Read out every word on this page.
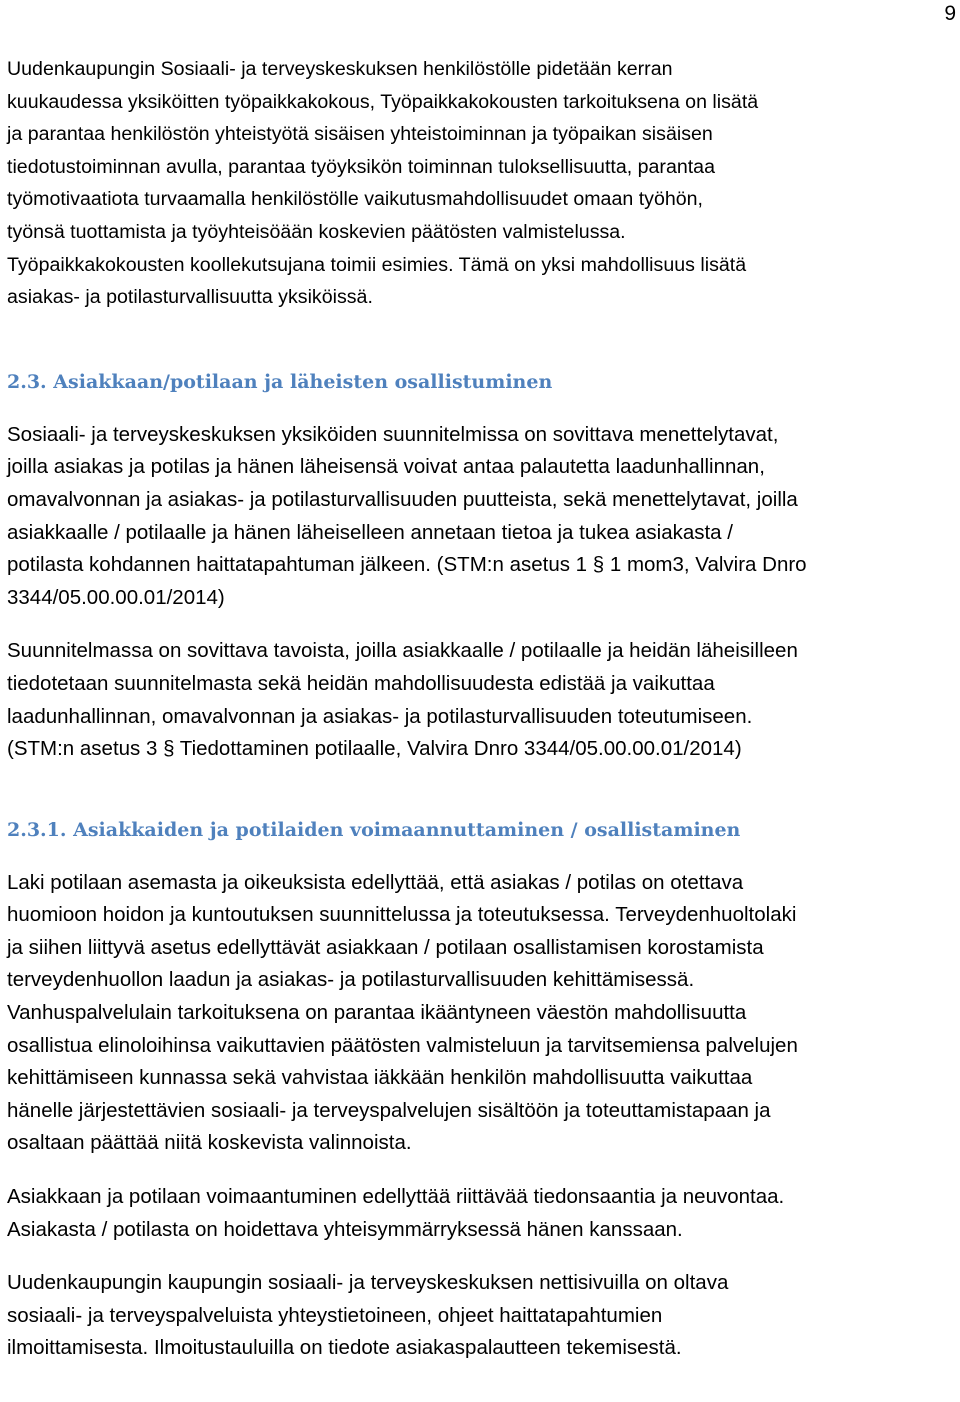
9

Uudenkaupungin Sosiaali- ja terveyskeskuksen henkilöstölle pidetään kerran
kuukaudessa yksiköitten työpaikkakokous, Työpaikkakokousten tarkoituksena on lisätä
ja parantaa henkilöstön yhteistyötä sisäisen yhteistoiminnan ja työpaikan sisäisen
tiedotustoiminnan avulla, parantaa työyksikön toiminnan tuloksellisuutta, parantaa
työmotivaatiota turvaamalla henkilöstölle vaikutusmahdollisuudet omaan työhön,
työnsä tuottamista ja työyhteisöään koskevien päätösten valmistelussa.
Työpaikkakokousten koollekutsujana toimii esimies. Tämä on yksi mahdollisuus lisätä
asiakas- ja potilasturvallisuutta yksiköissä.

2.3. Asiakkaan/potilaan ja läheisten osallistuminen

Sosiaali- ja terveyskeskuksen yksiköiden suunnitelmissa on sovittava menettelytavat,
joilla asiakas ja potilas ja hänen läheisensä voivat antaa palautetta laadunhallinnan,
omavalvonnan ja asiakas- ja potilasturvallisuuden puutteista, sekä menettelytavat, joilla
asiakkaalle / potilaalle ja hänen läheiselleen annetaan tietoa ja tukea asiakasta /
potilasta kohdannen haittatapahtuman jälkeen. (STM:n asetus 1 § 1 mom3, Valvira Dnro
3344/05.00.00.01/2014)

Suunnitelmassa on sovittava tavoista, joilla asiakkaalle / potilaalle ja heidän läheisilleen
tiedotetaan suunnitelmasta sekä heidän mahdollisuudesta edistää ja vaikuttaa
laadunhallinnan, omavalvonnan ja asiakas- ja potilasturvallisuuden toteutumiseen.
(STM:n asetus 3 § Tiedottaminen potilaalle, Valvira Dnro 3344/05.00.00.01/2014)

2.3.1. Asiakkaiden ja potilaiden voimaannuttaminen / osallistaminen

Laki potilaan asemasta ja oikeuksista edellyttää, että asiakas / potilas on otettava
huomioon hoidon ja kuntoutuksen suunnittelussa ja toteutuksessa. Terveydenhuoltolaki
ja siihen liittyvä asetus edellyttävät asiakkaan / potilaan osallistamisen korostamista
terveydenhuollon laadun ja asiakas- ja potilasturvallisuuden kehittämisessä.
Vanhuspalvelulain tarkoituksena on parantaa ikääntyneen väestön mahdollisuutta
osallistua elinoloihinsa vaikuttavien päätösten valmisteluun ja tarvitsemiensa palvelujen
kehittämiseen kunnassa sekä vahvistaa iäkkään henkilön mahdollisuutta vaikuttaa
hänelle järjestettävien sosiaali- ja terveyspalvelujen sisältöön ja toteuttamistapaan ja
osaltaan päättää niitä koskevista valinnoista.

Asiakkaan ja potilaan voimaantuminen edellyttää riittävää tiedonsaantia ja neuvontaa.
Asiakasta / potilasta on hoidettava yhteisymmärryksessä hänen kanssaan.

Uudenkaupungin kaupungin sosiaali- ja terveyskeskuksen nettisivuilla on oltava
sosiaali- ja terveyspalveluista yhteystietoineen, ohjeet haittatapahtumien
ilmoittamisesta. Ilmoitustauluilla on tiedote asiakaspalautteen tekemisestä.
